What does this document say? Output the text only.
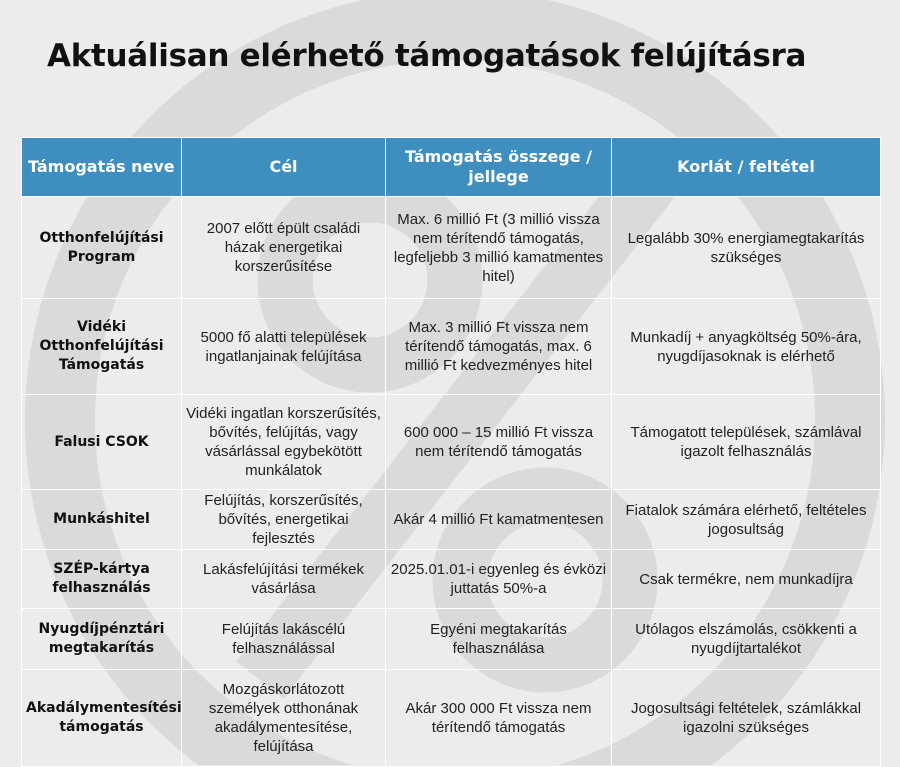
Aktuálisan elérhető támogatások felújításra
Támogatás neve	Cél	Támogatás összege / jellege	Korlát / feltétel
Otthonfelújítási Program	2007 előtt épült családi házak energetikai korszerűsítése	Max. 6 millió Ft (3 millió vissza nem térítendő támogatás, legfeljebb 3 millió kamatmentes hitel)	Legalább 30% energiamegtakarítás szükséges
Vidéki Otthonfelújítási Támogatás	5000 fő alatti települések ingatlanjainak felújítása	Max. 3 millió Ft vissza nem térítendő támogatás, max. 6 millió Ft kedvezményes hitel	Munkadíj + anyagköltség 50%-ára, nyugdíjasoknak is elérhető
Falusi CSOK	Vidéki ingatlan korszerűsítés, bővítés, felújítás, vagy vásárlással egybekötött munkálatok	600 000 – 15 millió Ft vissza nem térítendő támogatás	Támogatott települések, számlával igazolt felhasználás
Munkáshitel	Felújítás, korszerűsítés, bővítés, energetikai fejlesztés	Akár 4 millió Ft kamatmentesen	Fiatalok számára elérhető, feltételes jogosultság
SZÉP-kártya felhasználás	Lakásfelújítási termékek vásárlása	2025.01.01-i egyenleg és évközi juttatás 50%-a	Csak termékre, nem munkadíjra
Nyugdíjpénztári megtakarítás	Felújítás lakáscélú felhasználással	Egyéni megtakarítás felhasználása	Utólagos elszámolás, csökkenti a nyugdíjtartalékot
Akadálymentesítési támogatás	Mozgáskorlátozott személyek otthonának akadálymentesítése, felújítása	Akár 300 000 Ft vissza nem térítendő támogatás	Jogosultsági feltételek, számlákkal igazolni szükséges
